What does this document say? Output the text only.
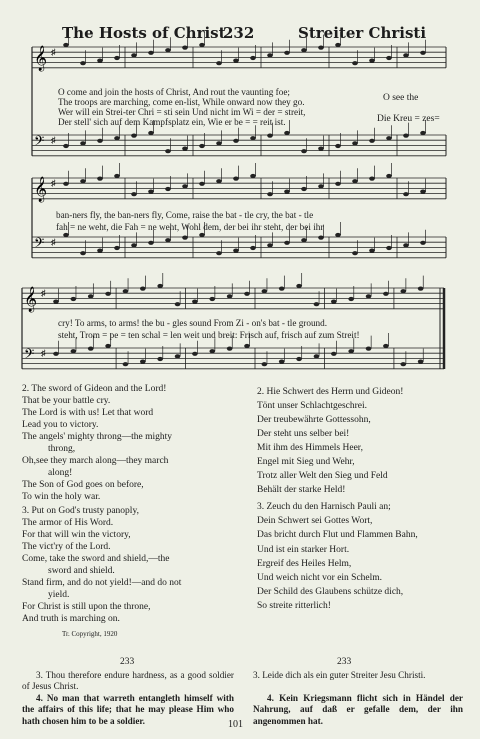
The Hosts of Christ
232	Streiter Christi
𝄞 ♯
𝄢 ♯
𝄞 ♯
𝄢 ♯
𝄞 ♯
𝄢 ♯
O come and join the hosts of Christ, And rout the vaunting foe;
The troops are marching, come en-list, While onward now they go.
Wer will ein Strei-ter Chri = sti sein Und nicht im Wi = der = streit,
Der stell' sich auf dem Kampfsplatz ein, Wie er be = = reit ist.
O see the
Die Kreu = zes=
ban-ners fly, the ban-ners fly, Come, raise the bat - tle cry, the bat - tle
fah = ne weht, die Fah = ne weht, Wohl dem, der bei ihr steht, der bei ihr
cry! To arms, to arms! the bu - gles sound From Zi - on's bat - tle ground.
steht, Trom = pe = ten schal = len weit und breit: Frisch auf, frisch auf zum Streit!
2. The sword of Gideon and the Lord!
That be your battle cry.
The Lord is with us! Let that word
Lead you to victory.
The angels' mighty throng—the mighty
throng,
Oh,see they march along—they march
along!
The Son of God goes on before,
To win the holy war.
3. Put on God's trusty panoply,
The armor of His Word.
For that will win the victory,
The vict'ry of the Lord.
Come, take the sword and shield,—the
sword and shield.
Stand firm, and do not yield!—and do not
yield.
For Christ is still upon the throne,
And truth is marching on.
2. Hie Schwert des Herrn und Gideon!
Tönt unser Schlachtgeschrei.
Der treubewährte Gottessohn,
Der steht uns selber bei!
Mit ihm des Himmels Heer,
Engel mit Sieg und Wehr,
Trotz aller Welt den Sieg und Feld
Behält der starke Held!
3. Zeuch du den Harnisch Pauli an;
Dein Schwert sei Gottes Wort,
Das bricht durch Flut und Flammen Bahn,
Und ist ein starker Hort.
Ergreif des Heiles Helm,
Und weich nicht vor ein Schelm.
Der Schild des Glaubens schütze dich,
So streite ritterlich!
Tr. Copyright, 1920
233	233
3. Thou therefore endure hardness, as a good soldier of Jesus Christ.
4. No man that warreth entangleth himself with the affairs of this life; that he may please Him who hath chosen him to be a soldier.
3. Leide dich als ein guter Streiter Jesu Christi.
4. Kein Kriegsmann flicht sich in Händel der Nahrung, auf daß er gefalle dem, der ihn angenommen hat.
101
